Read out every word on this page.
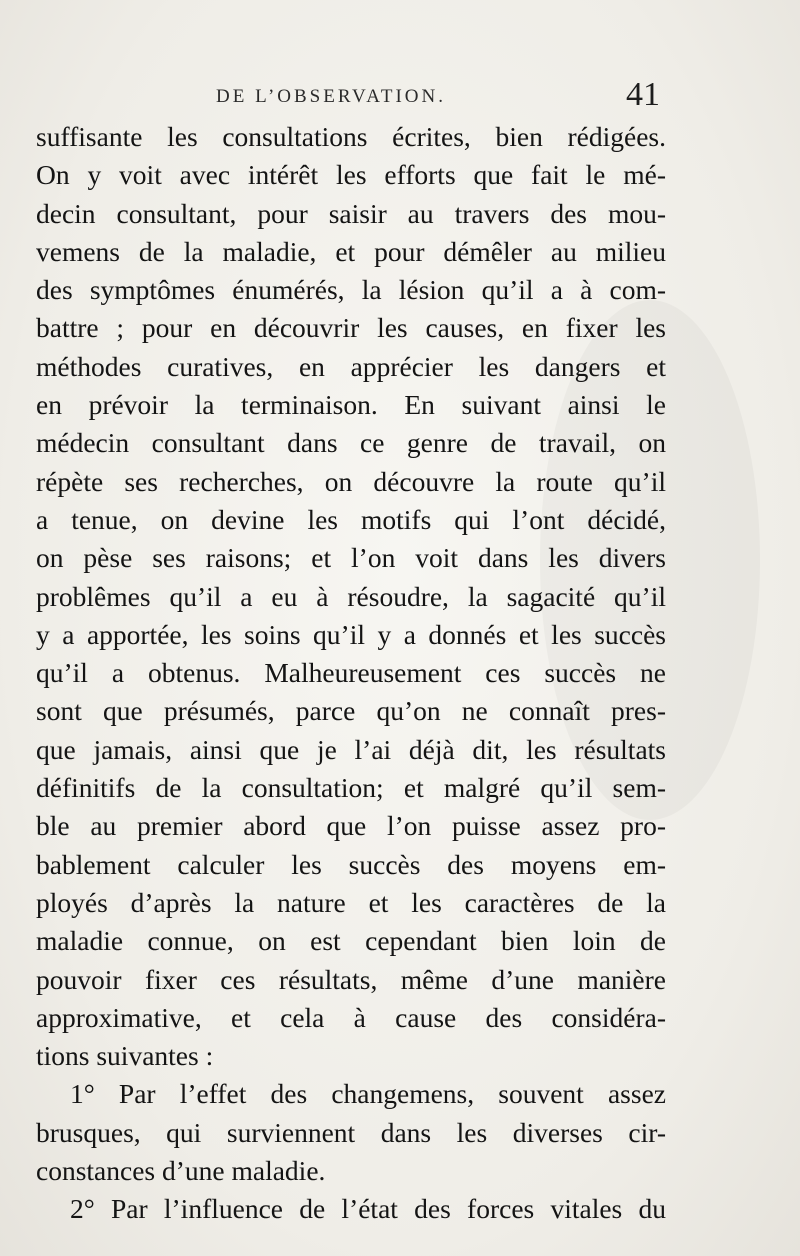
DE L’OBSERVATION.	41
suffisante les consultations écrites, bien rédigées.
On y voit avec intérêt les efforts que fait le mé-
decin consultant, pour saisir au travers des mou-
vemens de la maladie, et pour démêler au milieu
des symptômes énumérés, la lésion qu’il a à com-
battre ; pour en découvrir les causes, en fixer les
méthodes curatives, en apprécier les dangers et
en prévoir la terminaison. En suivant ainsi le
médecin consultant dans ce genre de travail, on
répète ses recherches, on découvre la route qu’il
a tenue, on devine les motifs qui l’ont décidé,
on pèse ses raisons; et l’on voit dans les divers
problêmes qu’il a eu à résoudre, la sagacité qu’il
y a apportée, les soins qu’il y a donnés et les succès
qu’il a obtenus. Malheureusement ces succès ne
sont que présumés, parce qu’on ne connaît pres-
que jamais, ainsi que je l’ai déjà dit, les résultats
définitifs de la consultation; et malgré qu’il sem-
ble au premier abord que l’on puisse assez pro-
bablement calculer les succès des moyens em-
ployés d’après la nature et les caractères de la
maladie connue, on est cependant bien loin de
pouvoir fixer ces résultats, même d’une manière
approximative, et cela à cause des considéra-
tions suivantes :
1° Par l’effet des changemens, souvent assez
brusques, qui surviennent dans les diverses cir-
constances d’une maladie.
2° Par l’influence de l’état des forces vitales du
